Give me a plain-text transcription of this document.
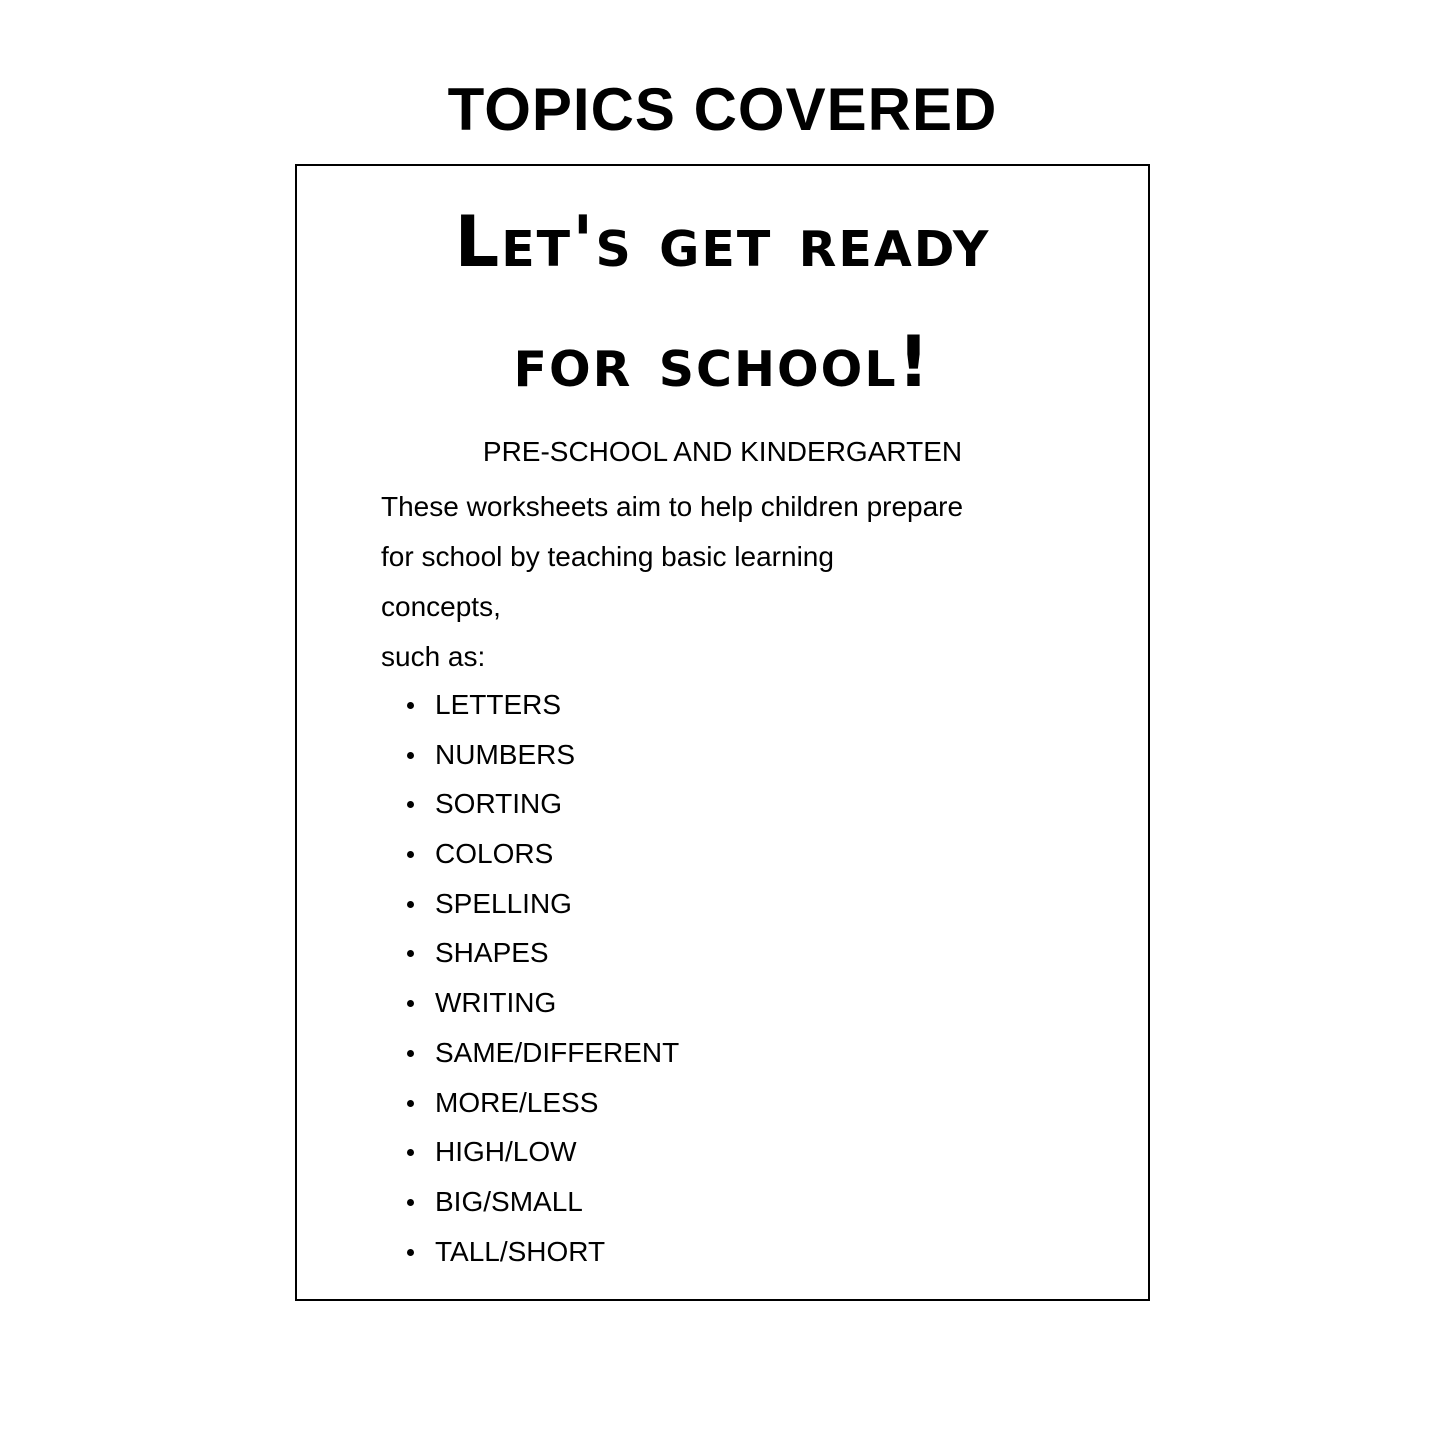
TOPICS COVERED
Let's get ready
for school!

PRE-SCHOOL AND KINDERGARTEN

These worksheets aim to help children prepare

for school by teaching basic learning

concepts,

such as:

LETTERS
NUMBERS
SORTING
COLORS
SPELLING
SHAPES
WRITING
SAME/DIFFERENT
MORE/LESS
HIGH/LOW
BIG/SMALL
TALL/SHORT
